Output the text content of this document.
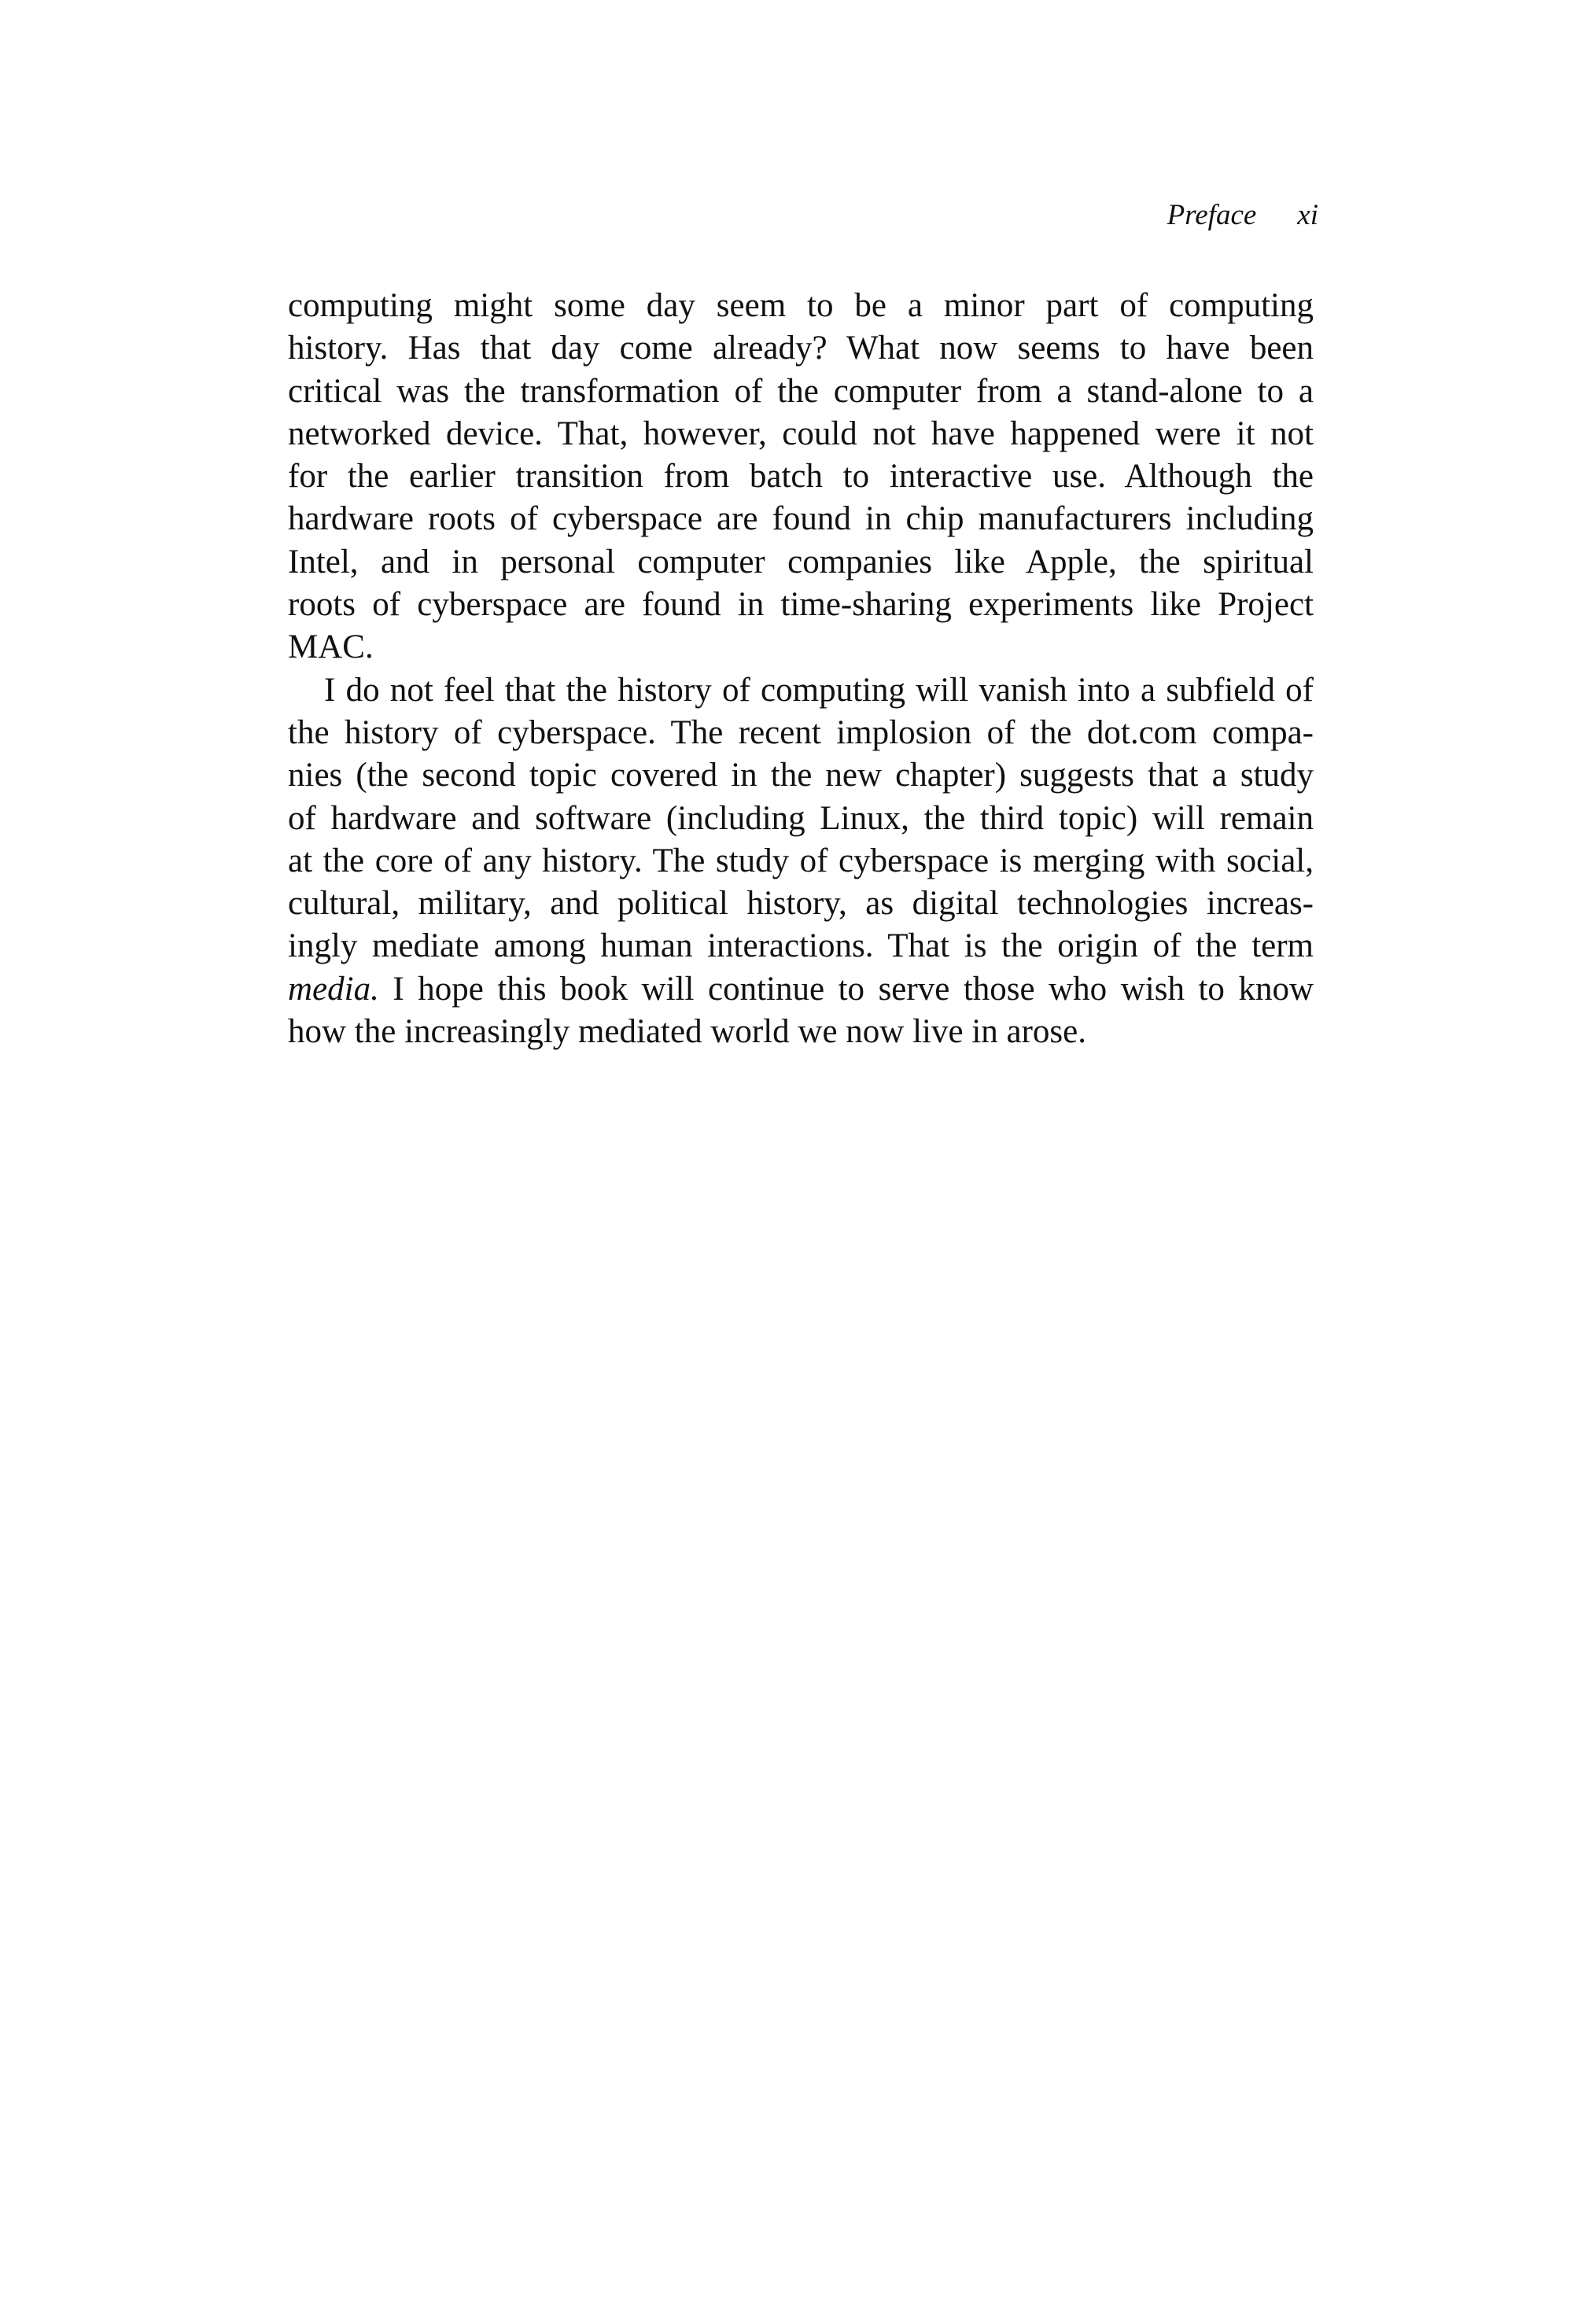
Preface xi
computing might some day seem to be a minor part of computing
history. Has that day come already? What now seems to have been
critical was the transformation of the computer from a stand-alone to a
networked device. That, however, could not have happened were it not
for the earlier transition from batch to interactive use. Although the
hardware roots of cyberspace are found in chip manufacturers including
Intel, and in personal computer companies like Apple, the spiritual
roots of cyberspace are found in time-sharing experiments like Project
MAC.
I do not feel that the history of computing will vanish into a subfield of
the history of cyberspace. The recent implosion of the dot.com compa-
nies (the second topic covered in the new chapter) suggests that a study
of hardware and software (including Linux, the third topic) will remain
at the core of any history. The study of cyberspace is merging with social,
cultural, military, and political history, as digital technologies increas-
ingly mediate among human interactions. That is the origin of the term
media. I hope this book will continue to serve those who wish to know
how the increasingly mediated world we now live in arose.
